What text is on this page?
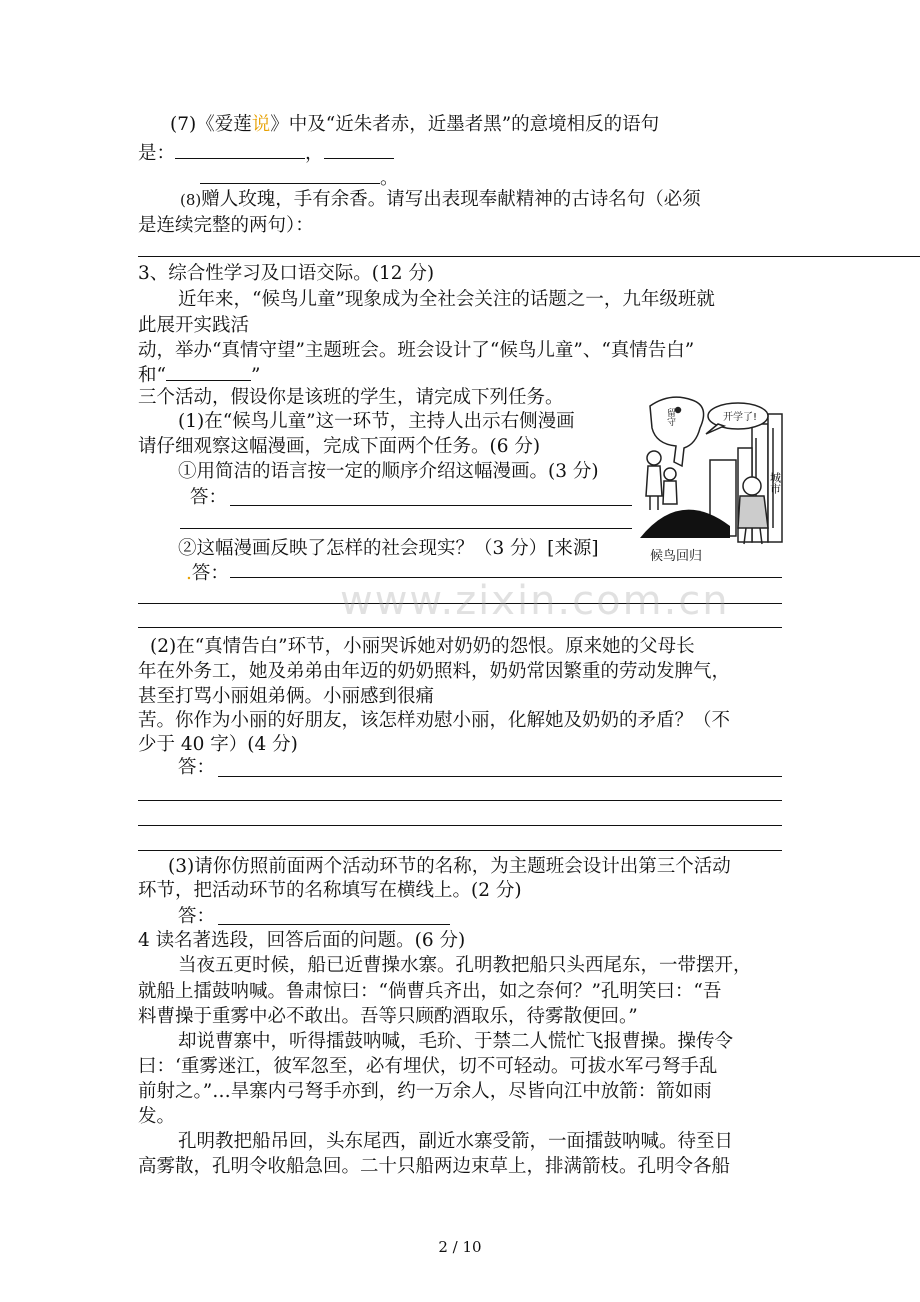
(7)《爱莲说》中及“近朱者赤，近墨者黑”的意境相反的语句
是：	，
。
(8)赠人玫瑰，手有余香。请写出表现奉献精神的古诗名句（必须
是连续完整的两句）：
3、综合性学习及口语交际。(12 分)
近年来，“候鸟儿童”现象成为全社会关注的话题之一，九年级班就
此展开实践活
动，举办“真情守望”主题班会。班会设计了“候鸟儿童”、“真情告白”
和“	”
三个活动，假设你是该班的学生，请完成下列任务。
(1)在“候鸟儿童”这一环节，主持人出示右侧漫画
请仔细观察这幅漫画，完成下面两个任务。(6 分)
①用简洁的语言按一定的顺序介绍这幅漫画。(3 分)
答：
②这幅漫画反映了怎样的社会现实？（3 分）[来源]
.答：
www.zixin.com.cn
开学了!
城市
留守
候鸟回归
(2)在“真情告白”环节，小丽哭诉她对奶奶的怨恨。原来她的父母长
年在外务工，她及弟弟由年迈的奶奶照料，奶奶常因繁重的劳动发脾气，
甚至打骂小丽姐弟俩。小丽感到很痛
苦。你作为小丽的好朋友，该怎样劝慰小丽，化解她及奶奶的矛盾？（不
少于 40 字）(4 分)
答：
(3)请你仿照前面两个活动环节的名称，为主题班会设计出第三个活动
环节，把活动环节的名称填写在横线上。(2 分)
答：
4 读名著选段，回答后面的问题。(6 分)
当夜五更时候，船已近曹操水寨。孔明教把船只头西尾东，一带摆开，
就船上擂鼓呐喊。鲁肃惊曰：“倘曹兵齐出，如之奈何？”孔明笑曰：“吾
料曹操于重雾中必不敢出。吾等只顾酌酒取乐，待雾散便回。”
却说曹寨中，听得擂鼓呐喊，毛玠、于禁二人慌忙飞报曹操。操传令
曰：‘重雾迷江，彼军忽至，必有埋伏，切不可轻动。可拔水军弓弩手乱
前射之。”…旱寨内弓弩手亦到，约一万余人，尽皆向江中放箭：箭如雨
发。
孔明教把船吊回，头东尾西，副近水寨受箭，一面擂鼓呐喊。待至日
高雾散，孔明令收船急回。二十只船两边束草上，排满箭枝。孔明令各船
2 / 10
